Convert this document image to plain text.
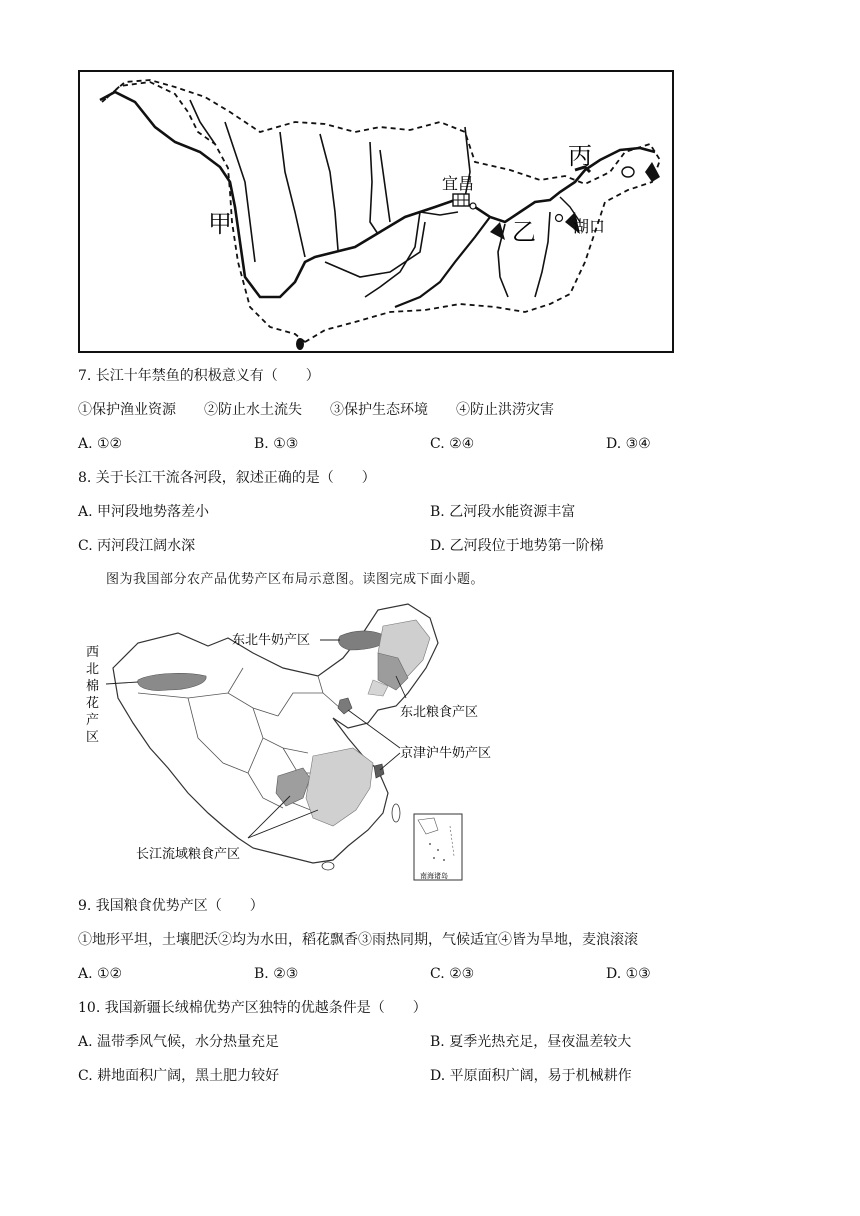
甲	乙
丙
宜昌
湖口
7. 长江十年禁鱼的积极意义有（　　）
①保护渔业资源　　②防止水土流失　　③保护生态环境　　④防止洪涝灾害
A. ①②	B. ①③	C. ②④	D. ③④
8. 关于长江干流各河段，叙述正确的是（　　）
A. 甲河段地势落差小	B. 乙河段水能资源丰富
C. 丙河段江阔水深	D. 乙河段位于地势第一阶梯
图为我国部分农产品优势产区布局示意图。读图完成下面小题。
南海诸岛
东北牛奶产区
东北粮食产区
京津沪牛奶产区
长江流域粮食产区
西
北
棉
花
产
区
9. 我国粮食优势产区（　　）
①地形平坦，土壤肥沃②均为水田，稻花飘香③雨热同期，气候适宜④皆为旱地，麦浪滚滚
A. ①②	B. ②③	C. ②③	D. ①③
10. 我国新疆长绒棉优势产区独特的优越条件是（　　）
A. 温带季风气候，水分热量充足	B. 夏季光热充足，昼夜温差较大
C. 耕地面积广阔，黑土肥力较好	D. 平原面积广阔，易于机械耕作
